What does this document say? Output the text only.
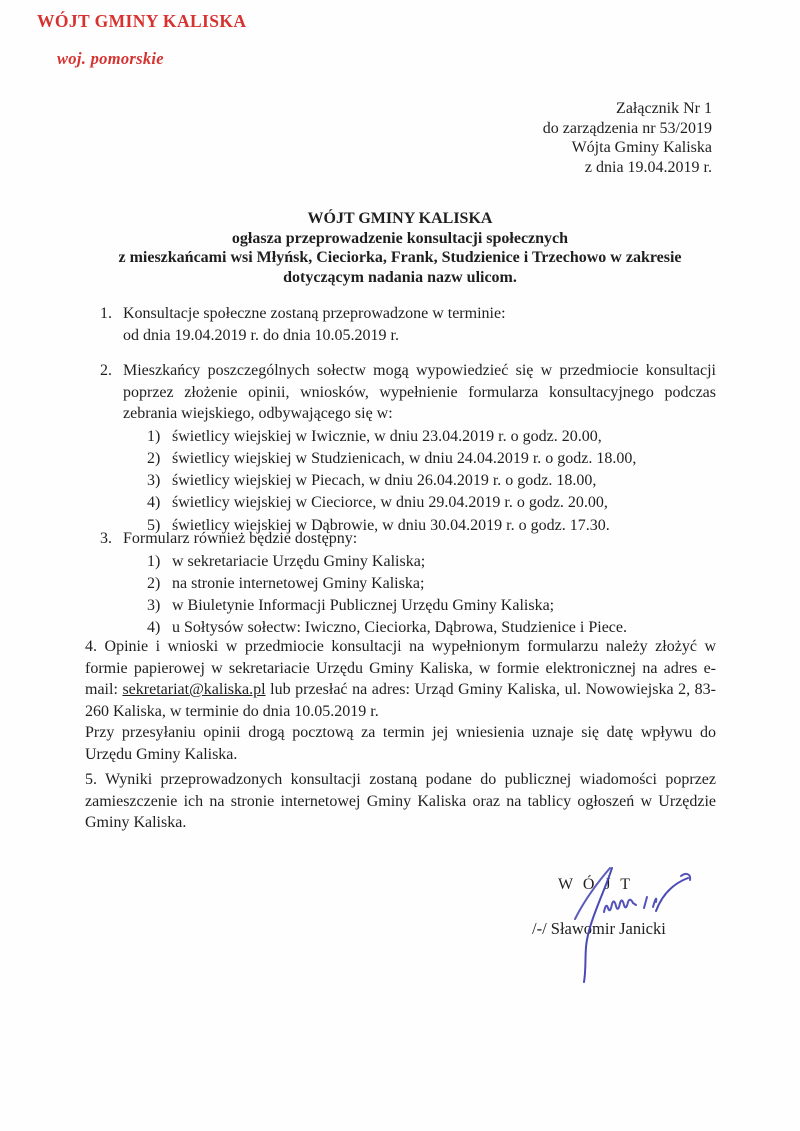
WÓJT GMINY KALISKA
woj. pomorskie
Załącznik Nr 1
do zarządzenia nr 53/2019
Wójta Gminy Kaliska
z dnia 19.04.2019 r.
WÓJT GMINY KALISKA
ogłasza przeprowadzenie konsultacji społecznych
z mieszkańcami wsi Młyńsk, Cieciorka, Frank, Studzienice i Trzechowo w zakresie
dotyczącym nadania nazw ulicom.
1. Konsultacje społeczne zostaną przeprowadzone w terminie:
od dnia 19.04.2019 r. do dnia 10.05.2019 r.
2. Mieszkańcy poszczególnych sołectw mogą wypowiedzieć się w przedmiocie konsultacji poprzez złożenie opinii, wniosków, wypełnienie formularza konsultacyjnego podczas zebrania wiejskiego, odbywającego się w:
1) świetlicy wiejskiej w Iwicznie, w dniu 23.04.2019 r. o godz. 20.00,
2) świetlicy wiejskiej w Studzienicach, w dniu 24.04.2019 r. o godz. 18.00,
3) świetlicy wiejskiej w Piecach, w dniu 26.04.2019 r. o godz. 18.00,
4) świetlicy wiejskiej w Cieciorce, w dniu 29.04.2019 r. o godz. 20.00,
5) świetlicy wiejskiej w Dąbrowie, w dniu 30.04.2019 r. o godz. 17.30.
3. Formularz również będzie dostępny:
1) w sekretariacie Urzędu Gminy Kaliska;
2) na stronie internetowej Gminy Kaliska;
3) w Biuletynie Informacji Publicznej Urzędu Gminy Kaliska;
4) u Sołtysów sołectw: Iwiczno, Cieciorka, Dąbrowa, Studzienice i Piece.
4. Opinie i wnioski w przedmiocie konsultacji na wypełnionym formularzu należy złożyć w formie papierowej w sekretariacie Urzędu Gminy Kaliska, w formie elektronicznej na adres e-mail: sekretariat@kaliska.pl lub przesłać na adres: Urząd Gminy Kaliska, ul. Nowowiejska 2, 83-260 Kaliska, w terminie do dnia 10.05.2019 r.
Przy przesyłaniu opinii drogą pocztową za termin jej wniesienia uznaje się datę wpływu do Urzędu Gminy Kaliska.
5. Wyniki przeprowadzonych konsultacji zostaną podane do publicznej wiadomości poprzez zamieszczenie ich na stronie internetowej Gminy Kaliska oraz na tablicy ogłoszeń w Urzędzie Gminy Kaliska.
W Ó J T
/-/ Sławomir Janicki
